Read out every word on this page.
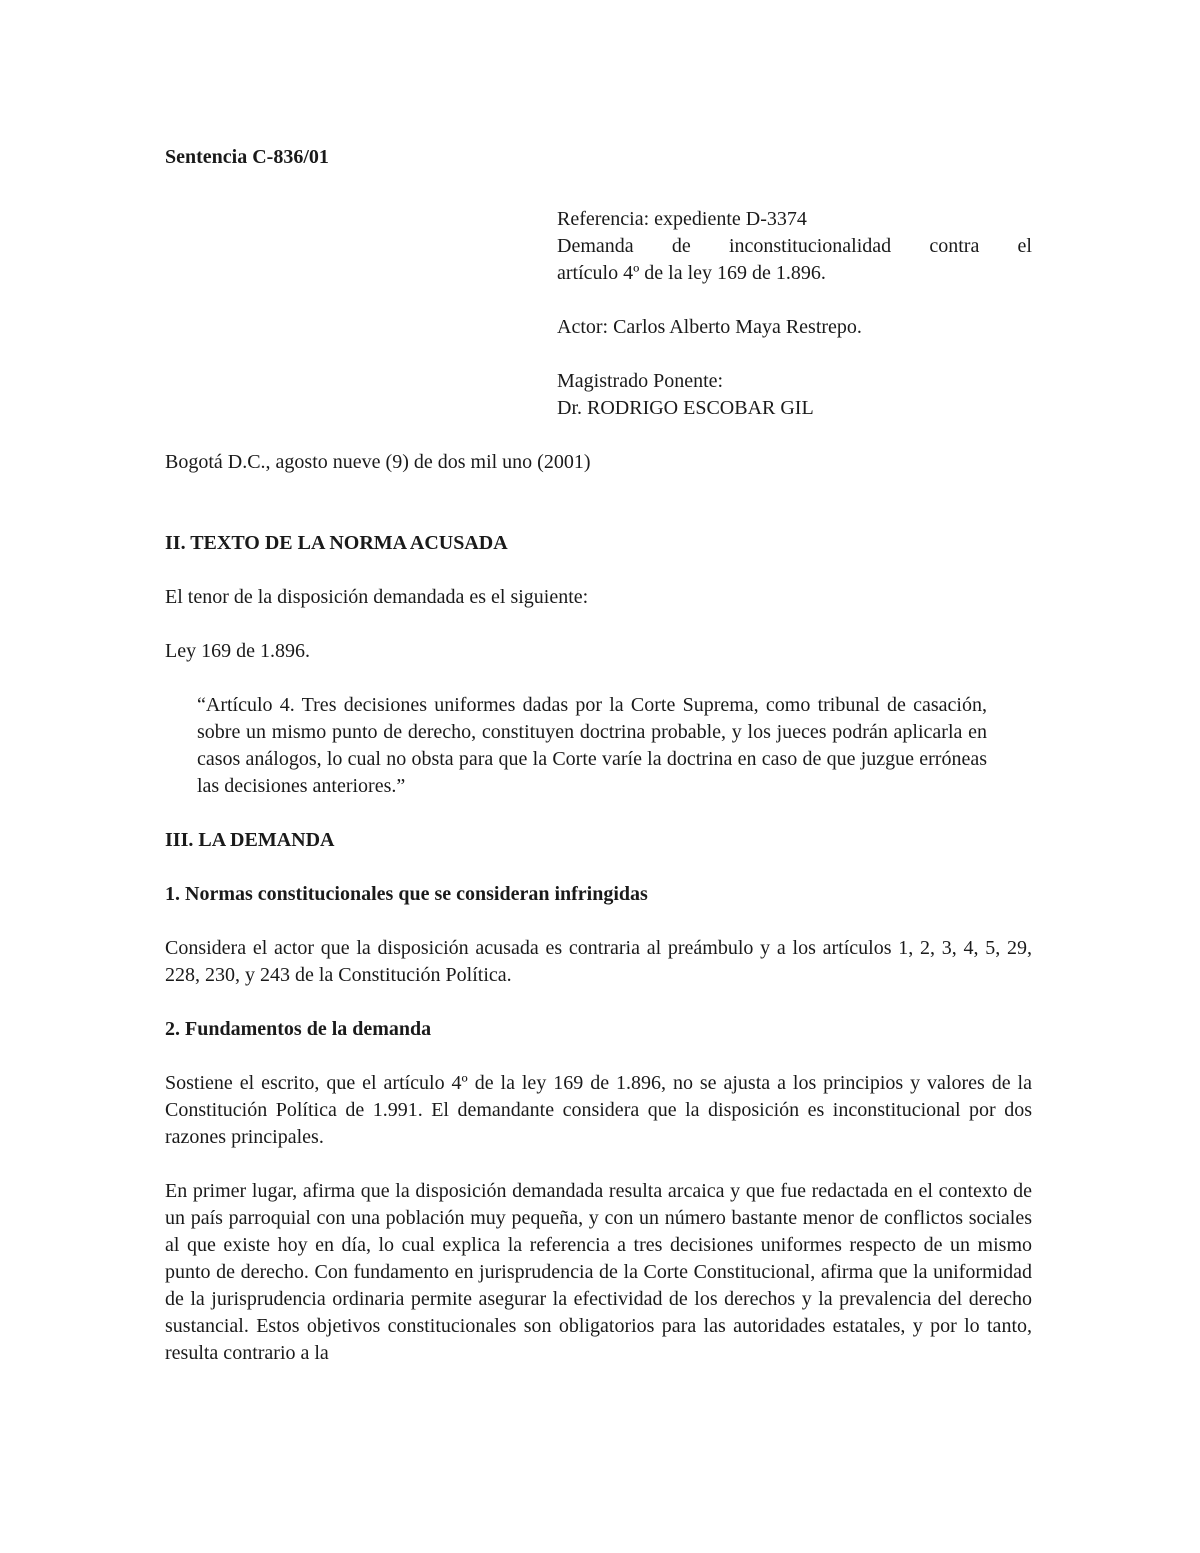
Sentencia C-836/01

Referencia: expediente D-3374

Demanda de inconstitucionalidad contra el

artículo 4º de la ley 169 de 1.896.

Actor: Carlos Alberto Maya Restrepo.

Magistrado Ponente:

Dr. RODRIGO ESCOBAR GIL

Bogotá D.C., agosto nueve (9) de dos mil uno (2001)

II. TEXTO DE LA NORMA ACUSADA

El tenor de la disposición demandada es el siguiente:

Ley 169 de 1.896.

“Artículo 4. Tres decisiones uniformes dadas por la Corte Suprema, como tribunal de casación, sobre un mismo punto de derecho, constituyen doctrina probable, y los jueces podrán aplicarla en casos análogos, lo cual no obsta para que la Corte varíe la doctrina en caso de que juzgue erróneas las decisiones anteriores.”

III. LA DEMANDA

1. Normas constitucionales que se consideran infringidas

Considera el actor que la disposición acusada es contraria al preámbulo y a los artículos 1, 2, 3, 4, 5, 29, 228, 230, y 243 de la Constitución Política.

2. Fundamentos de la demanda

Sostiene el escrito, que el artículo 4º de la ley 169 de 1.896, no se ajusta a los principios y valores de la Constitución Política de 1.991. El demandante considera que la disposición es inconstitucional por dos razones principales.

En primer lugar, afirma que la disposición demandada resulta arcaica y que fue redactada en el contexto de un país parroquial con una población muy pequeña, y con un número bastante menor de conflictos sociales al que existe hoy en día, lo cual explica la referencia a tres decisiones uniformes respecto de un mismo punto de derecho. Con fundamento en jurisprudencia de la Corte Constitucional, afirma que la uniformidad de la jurisprudencia ordinaria permite asegurar la efectividad de los derechos y la prevalencia del derecho sustancial. Estos objetivos constitucionales son obligatorios para las autoridades estatales, y por lo tanto, resulta contrario a la
